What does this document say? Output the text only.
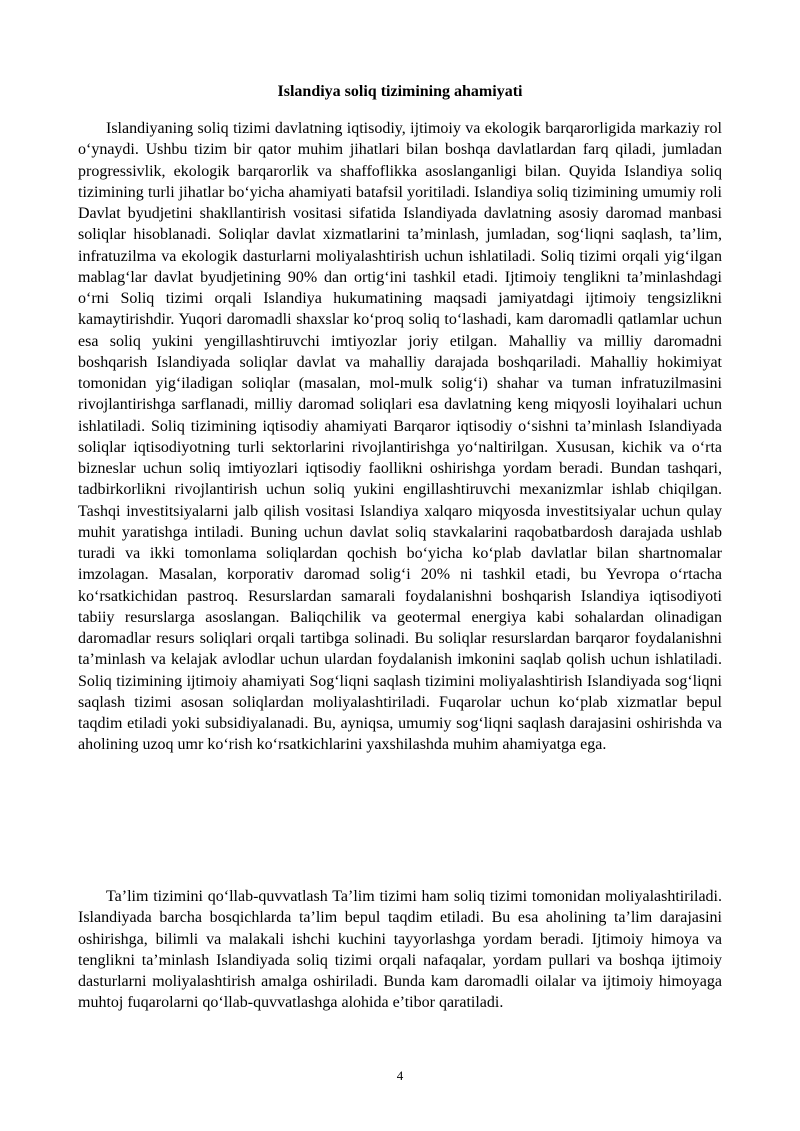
Islandiya soliq tizimining ahamiyati

Islandiyaning soliq tizimi davlatning iqtisodiy, ijtimoiy va ekologik barqarorligida markaziy rol o‘ynaydi. Ushbu tizim bir qator muhim jihatlari bilan boshqa davlatlardan farq qiladi, jumladan progressivlik, ekologik barqarorlik va shaffoflikka asoslanganligi bilan. Quyida Islandiya soliq tizimining turli jihatlar bo‘yicha ahamiyati batafsil yoritiladi. Islandiya soliq tizimining umumiy roli Davlat byudjetini shakllantirish vositasi sifatida Islandiyada davlatning asosiy daromad manbasi soliqlar hisoblanadi. Soliqlar davlat xizmatlarini ta’minlash, jumladan, sog‘liqni saqlash, ta’lim, infratuzilma va ekologik dasturlarni moliyalashtirish uchun ishlatiladi. Soliq tizimi orqali yig‘ilgan mablag‘lar davlat byudjetining 90% dan ortig‘ini tashkil etadi. Ijtimoiy tenglikni ta’minlashdagi o‘rni Soliq tizimi orqali Islandiya hukumatining maqsadi jamiyatdagi ijtimoiy tengsizlikni kamaytirishdir. Yuqori daromadli shaxslar ko‘proq soliq to‘lashadi, kam daromadli qatlamlar uchun esa soliq yukini yengillashtiruvchi imtiyozlar joriy etilgan. Mahalliy va milliy daromadni boshqarish Islandiyada soliqlar davlat va mahalliy darajada boshqariladi. Mahalliy hokimiyat tomonidan yig‘iladigan soliqlar (masalan, mol-mulk solig‘i) shahar va tuman infratuzilmasini rivojlantirishga sarflanadi, milliy daromad soliqlari esa davlatning keng miqyosli loyihalari uchun ishlatiladi. Soliq tizimining iqtisodiy ahamiyati Barqaror iqtisodiy o‘sishni ta’minlash Islandiyada soliqlar iqtisodiyotning turli sektorlarini rivojlantirishga yo‘naltirilgan. Xususan, kichik va o‘rta bizneslar uchun soliq imtiyozlari iqtisodiy faollikni oshirishga yordam beradi. Bundan tashqari, tadbirkorlikni rivojlantirish uchun soliq yukini engillashtiruvchi mexanizmlar ishlab chiqilgan. Tashqi investitsiyalarni jalb qilish vositasi Islandiya xalqaro miqyosda investitsiyalar uchun qulay muhit yaratishga intiladi. Buning uchun davlat soliq stavkalarini raqobatbardosh darajada ushlab turadi va ikki tomonlama soliqlardan qochish bo‘yicha ko‘plab davlatlar bilan shartnomalar imzolagan. Masalan, korporativ daromad solig‘i 20% ni tashkil etadi, bu Yevropa o‘rtacha ko‘rsatkichidan pastroq. Resurslardan samarali foydalanishni boshqarish Islandiya iqtisodiyoti tabiiy resurslarga asoslangan. Baliqchilik va geotermal energiya kabi sohalardan olinadigan daromadlar resurs soliqlari orqali tartibga solinadi. Bu soliqlar resurslardan barqaror foydalanishni ta’minlash va kelajak avlodlar uchun ulardan foydalanish imkonini saqlab qolish uchun ishlatiladi. Soliq tizimining ijtimoiy ahamiyati Sog‘liqni saqlash tizimini moliyalashtirish Islandiyada sog‘liqni saqlash tizimi asosan soliqlardan moliyalashtiriladi. Fuqarolar uchun ko‘plab xizmatlar bepul taqdim etiladi yoki subsidiyalanadi. Bu, ayniqsa, umumiy sog‘liqni saqlash darajasini oshirishda va aholining uzoq umr ko‘rish ko‘rsatkichlarini yaxshilashda muhim ahamiyatga ega.

Ta’lim tizimini qo‘llab-quvvatlash Ta’lim tizimi ham soliq tizimi tomonidan moliyalashtiriladi. Islandiyada barcha bosqichlarda ta’lim bepul taqdim etiladi. Bu esa aholining ta’lim darajasini oshirishga, bilimli va malakali ishchi kuchini tayyorlashga yordam beradi. Ijtimoiy himoya va tenglikni ta’minlash Islandiyada soliq tizimi orqali nafaqalar, yordam pullari va boshqa ijtimoiy dasturlarni moliyalashtirish amalga oshiriladi. Bunda kam daromadli oilalar va ijtimoiy himoyaga muhtoj fuqarolarni qo‘llab-quvvatlashga alohida e’tibor qaratiladi.

4
